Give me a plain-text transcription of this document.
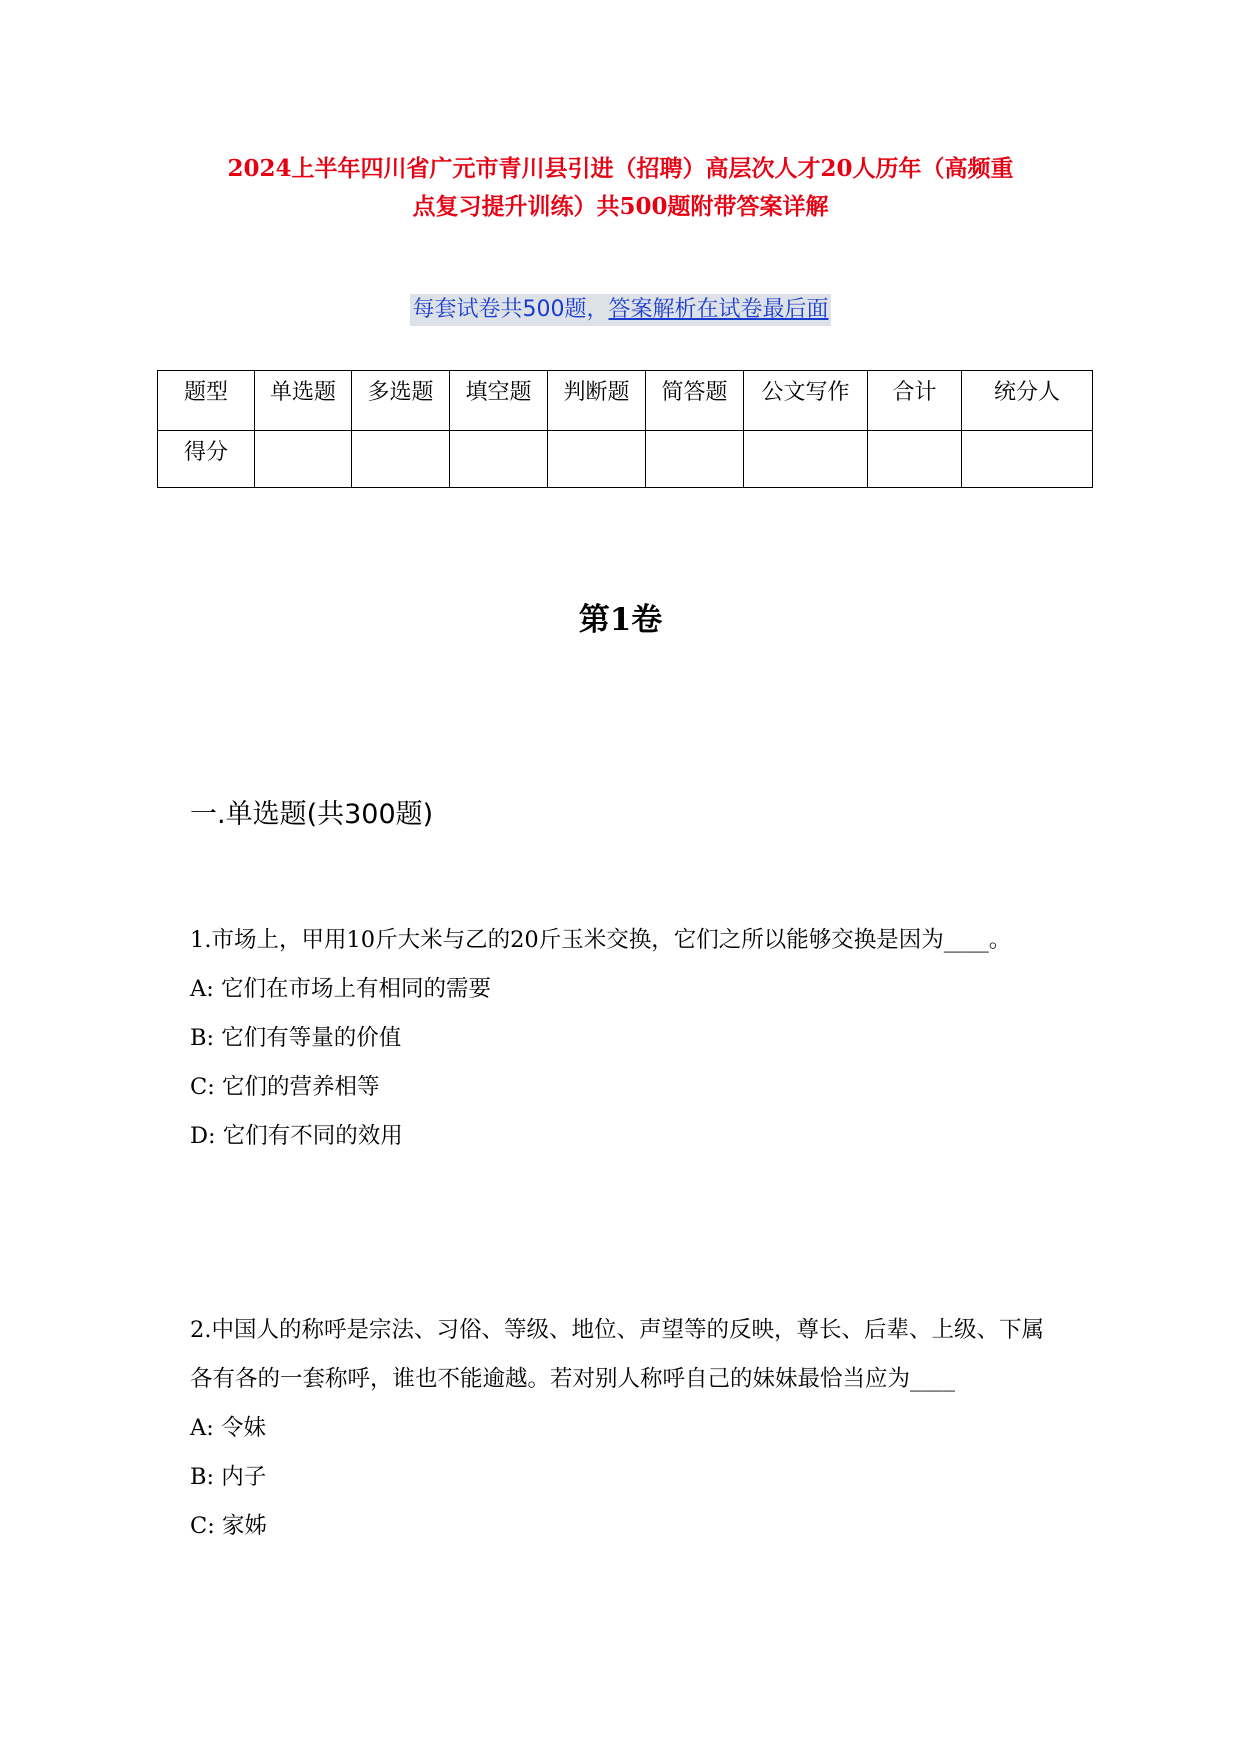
2024上半年四川省广元市青川县引进（招聘）高层次人才20人历年（高频重
点复习提升训练）共500题附带答案详解
每套试卷共500题，答案解析在试卷最后面
题型	单选题	多选题	填空题	判断题	简答题	公文写作	合计	统分人
得分								
第1卷
一.单选题(共300题)

1.市场上，甲用10斤大米与乙的20斤玉米交换，它们之所以能够交换是因为____。

A: 它们在市场上有相同的需要

B: 它们有等量的价值

C: 它们的营养相等

D: 它们有不同的效用

2.中国人的称呼是宗法、习俗、等级、地位、声望等的反映，尊长、后辈、上级、下属各有各的一套称呼，谁也不能逾越。若对别人称呼自己的妹妹最恰当应为____

A: 令妹

B: 内子

C: 家姊
